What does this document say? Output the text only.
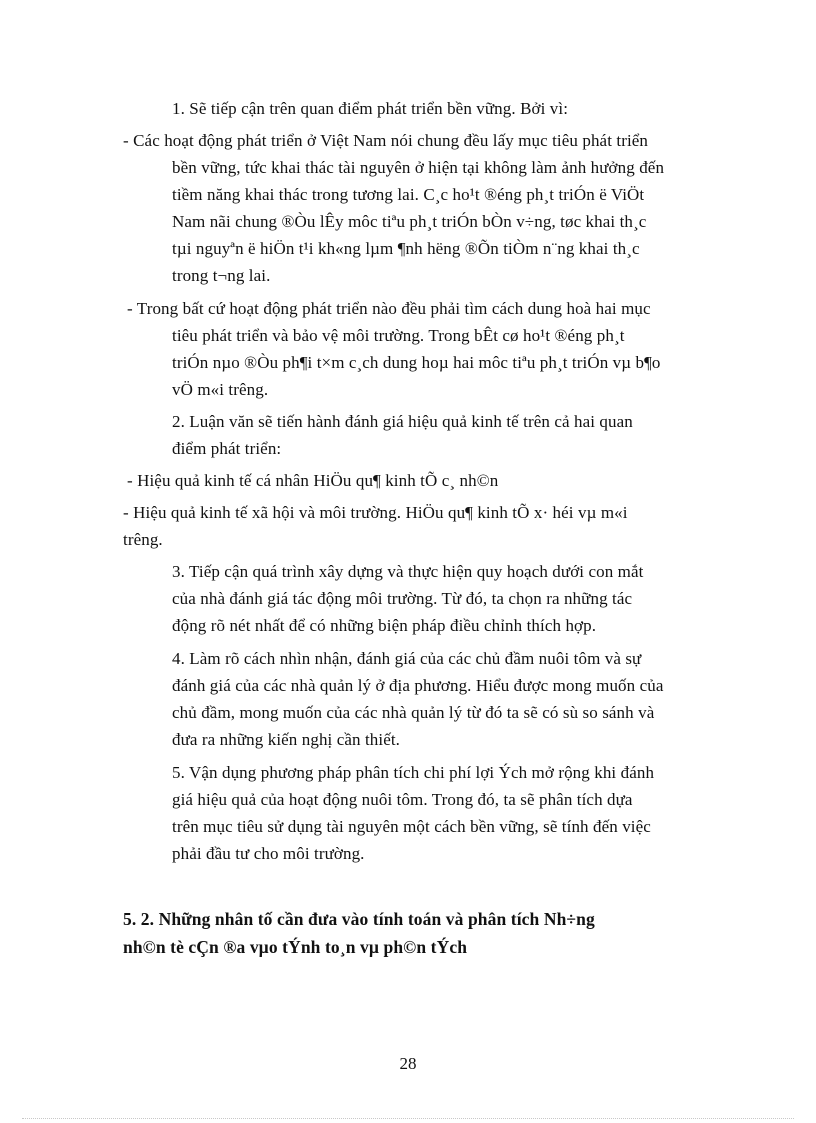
1. Sẽ tiếp cận trên quan điểm phát triển bền vững. Bởi vì:
- Các hoạt động phát triển ở Việt Nam nói chung đều lấy mục tiêu phát triển
bền vững, tức khai thác tài nguyên ở hiện tại không làm ảnh hưởng đến
tiềm năng khai thác trong tương lai. C¸c ho¹t ®éng ph¸t triÓn ë ViÖt
Nam nãi chung ®Òu lÊy môc tiªu ph¸t triÓn bÒn v÷ng, tøc khai th¸c
tµi nguyªn ë hiÖn t¹i kh«ng lµm ¶nh hëng ®Õn tiÒm n¨ng khai th¸c
trong t¬ng lai.
- Trong bất cứ hoạt động phát triển nào đều phải tìm cách dung hoà hai mục
tiêu phát triển và bảo vệ môi trường. Trong bÊt cø ho¹t ®éng ph¸t
triÓn nµo ®Òu ph¶i t×m c¸ch dung hoµ hai môc tiªu ph¸t triÓn vµ b¶o
vÖ m«i trêng.
2. Luận văn sẽ tiến hành đánh giá hiệu quả kinh tế trên cả hai quan
điểm phát triển:
- Hiệu quả kinh tế cá nhân HiÖu qu¶ kinh tÕ c¸ nh©n
- Hiệu quả kinh tế xã hội và môi trường. HiÖu qu¶ kinh tÕ x· héi vµ m«i
trêng.
3. Tiếp cận quá trình xây dựng và thực hiện quy hoạch dưới con mắt
của nhà đánh giá tác động môi trường. Từ đó, ta chọn ra những tác
động rõ nét nhất để có những biện pháp điều chỉnh thích hợp.
4. Làm rõ cách nhìn nhận, đánh giá của các chủ đầm nuôi tôm và sự
đánh giá của các nhà quản lý ở địa phương. Hiểu được mong muốn của
chủ đầm, mong muốn của các nhà quản lý từ đó ta sẽ có sù so sánh và
đưa ra những kiến nghị cần thiết.
5. Vận dụng phương pháp phân tích chi phí lợi Ých mở rộng khi đánh
giá hiệu quả của hoạt động nuôi tôm. Trong đó, ta sẽ phân tích dựa
trên mục tiêu sử dụng tài nguyên một cách bền vững, sẽ tính đến việc
phải đầu tư cho môi trường.
5. 2. Những nhân tố cần đưa vào tính toán và phân tích Nh÷ng
nh©n tè cÇn ®a vµo tÝnh to¸n vµ ph©n tÝch
28
